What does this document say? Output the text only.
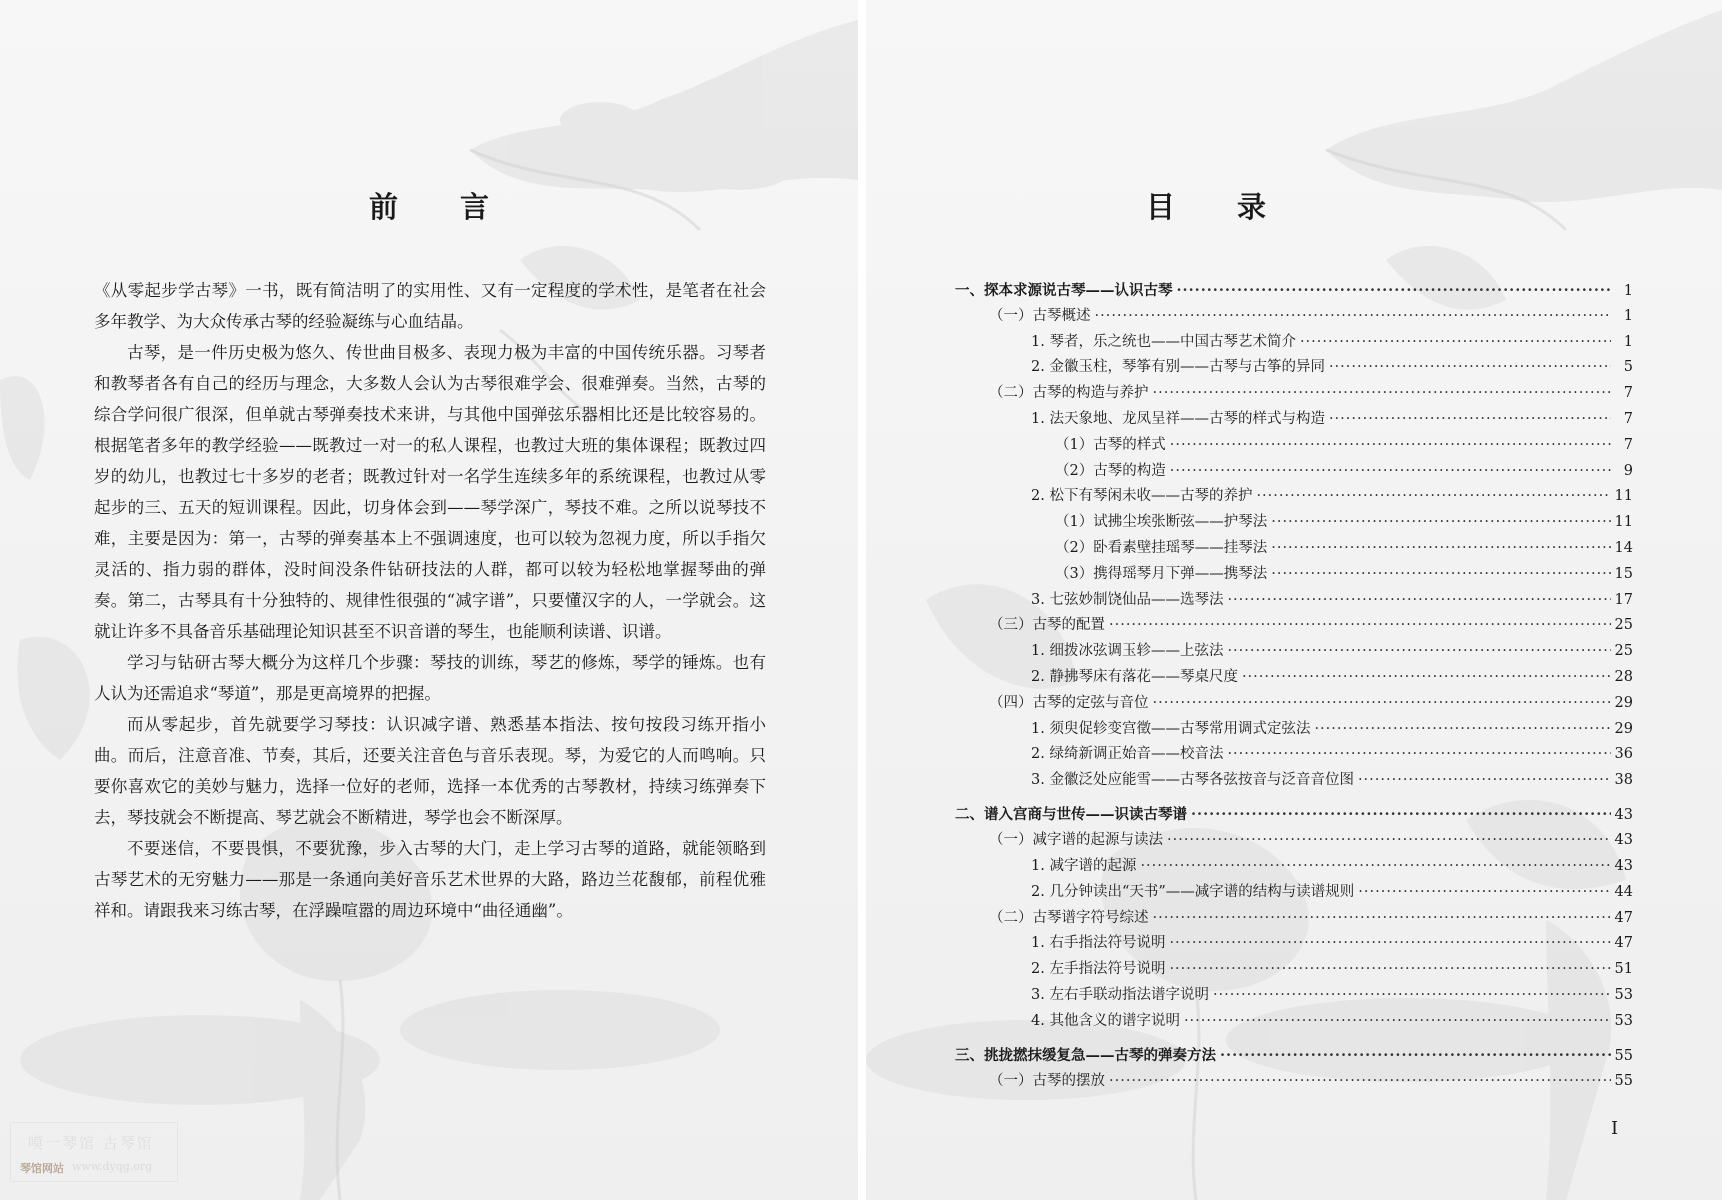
前 言

《从零起步学古琴》一书，既有简洁明了的实用性、又有一定程度的学术性，是笔者在社会多年教学、为大众传承古琴的经验凝练与心血结晶。

古琴，是一件历史极为悠久、传世曲目极多、表现力极为丰富的中国传统乐器。习琴者和教琴者各有自己的经历与理念，大多数人会认为古琴很难学会、很难弹奏。当然，古琴的综合学问很广很深，但单就古琴弹奏技术来讲，与其他中国弹弦乐器相比还是比较容易的。根据笔者多年的教学经验——既教过一对一的私人课程，也教过大班的集体课程；既教过四岁的幼儿，也教过七十多岁的老者；既教过针对一名学生连续多年的系统课程，也教过从零起步的三、五天的短训课程。因此，切身体会到——琴学深广，琴技不难。之所以说琴技不难，主要是因为：第一，古琴的弹奏基本上不强调速度，也可以较为忽视力度，所以手指欠灵活的、指力弱的群体，没时间没条件钻研技法的人群，都可以较为轻松地掌握琴曲的弹奏。第二，古琴具有十分独特的、规律性很强的“减字谱”，只要懂汉字的人，一学就会。这就让许多不具备音乐基础理论知识甚至不识音谱的琴生，也能顺利读谱、识谱。

学习与钻研古琴大概分为这样几个步骤：琴技的训练，琴艺的修炼，琴学的锤炼。也有人认为还需追求“琴道”，那是更高境界的把握。

而从零起步，首先就要学习琴技：认识减字谱、熟悉基本指法、按句按段习练开指小曲。而后，注意音准、节奏，其后，还要关注音色与音乐表现。琴，为爱它的人而鸣响。只要你喜欢它的美妙与魅力，选择一位好的老师，选择一本优秀的古琴教材，持续习练弹奏下去，琴技就会不断提高、琴艺就会不断精进，琴学也会不断深厚。

不要迷信，不要畏惧，不要犹豫，步入古琴的大门，走上学习古琴的道路，就能领略到古琴艺术的无穷魅力——那是一条通向美好音乐艺术世界的大路，路边兰花馥郁，前程优雅祥和。请跟我来习练古琴，在浮躁喧嚣的周边环境中“曲径通幽”。

嗼一琴馆 古琴馆
琴馆网站 www.dyqg.org
目 录
一、探本求源说古琴——认识古琴 ·····	1
（一）古琴概述 ·····	1
1. 琴者，乐之统也——中国古琴艺术简介 ·····	1
2. 金徽玉柱，琴筝有别——古琴与古筝的异同 ·····	5
（二）古琴的构造与养护 ·····	7
1. 法天象地、龙凤呈祥——古琴的样式与构造 ·····	7
（1）古琴的样式 ·····	7
（2）古琴的构造 ·····	9
2. 松下有琴闲未收——古琴的养护 ·····	11
（1）试拂尘埃张断弦——护琴法 ·····	11
（2）卧看素壁挂瑶琴——挂琴法 ·····	14
（3）携得瑶琴月下弹——携琴法 ·····	15
3. 七弦妙制饶仙品——选琴法 ·····	17
（三）古琴的配置 ·····	25
1. 细拨冰弦调玉轸——上弦法 ·····	25
2. 静拂琴床有落花——琴桌尺度 ·····	28
（四）古琴的定弦与音位 ·····	29
1. 须臾促轸变宫徵——古琴常用调式定弦法 ·····	29
2. 绿绮新调正始音——校音法 ·····	36
3. 金徽泛处应能雪——古琴各弦按音与泛音音位图 ·····	38
二、谱入宫商与世传——识读古琴谱 ·····	43
（一）减字谱的起源与读法 ·····	43
1. 减字谱的起源 ·····	43
2. 几分钟读出“天书”——减字谱的结构与读谱规则 ·····	44
（二）古琴谱字符号综述 ·····	47
1. 右手指法符号说明 ·····	47
2. 左手指法符号说明 ·····	51
3. 左右手联动指法谱字说明 ·····	53
4. 其他含义的谱字说明 ·····	53
三、挑拢撚抹缓复急——古琴的弹奏方法 ·····	55
（一）古琴的摆放 ·····	55
I
